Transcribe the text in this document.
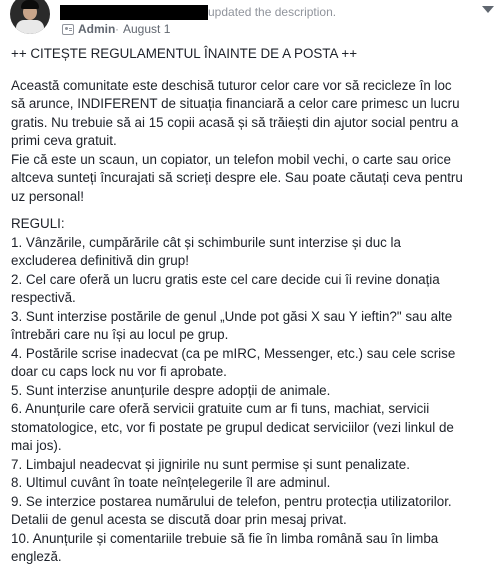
updated the description.
Admin · August 1

++ CITEȘTE REGULAMENTUL ÎNAINTE DE A POSTA ++

Această comunitate este deschisă tuturor celor care vor să recicleze în loc

să arunce, INDIFERENT de situația financiară a celor care primesc un lucru

gratis. Nu trebuie să ai 15 copii acasă și să trăiești din ajutor social pentru a

primi ceva gratuit.

Fie că este un scaun, un copiator, un telefon mobil vechi, o carte sau orice

altceva sunteți încurajati să scrieți despre ele. Sau poate căutați ceva pentru

uz personal!

REGULI:

1. Vânzările, cumpărările cât și schimburile sunt interzise și duc la

excluderea definitivă din grup!

2. Cel care oferă un lucru gratis este cel care decide cui îi revine donația

respectivă.

3. Sunt interzise postările de genul „Unde pot găsi X sau Y ieftin?" sau alte

întrebări care nu își au locul pe grup.

4. Postările scrise inadecvat (ca pe mIRC, Messenger, etc.) sau cele scrise

doar cu caps lock nu vor fi aprobate.

5. Sunt interzise anunțurile despre adopții de animale.

6. Anunțurile care oferă servicii gratuite cum ar fi tuns, machiat, servicii

stomatologice, etc, vor fi postate pe grupul dedicat serviciilor (vezi linkul de

mai jos).

7. Limbajul neadecvat și jignirile nu sunt permise și sunt penalizate.

8. Ultimul cuvânt în toate neînțelegerile îl are adminul.

9. Se interzice postarea numărului de telefon, pentru protecția utilizatorilor.

Detalii de genul acesta se discută doar prin mesaj privat.

10. Anunțurile și comentariile trebuie să fie în limba română sau în limba

engleză.
